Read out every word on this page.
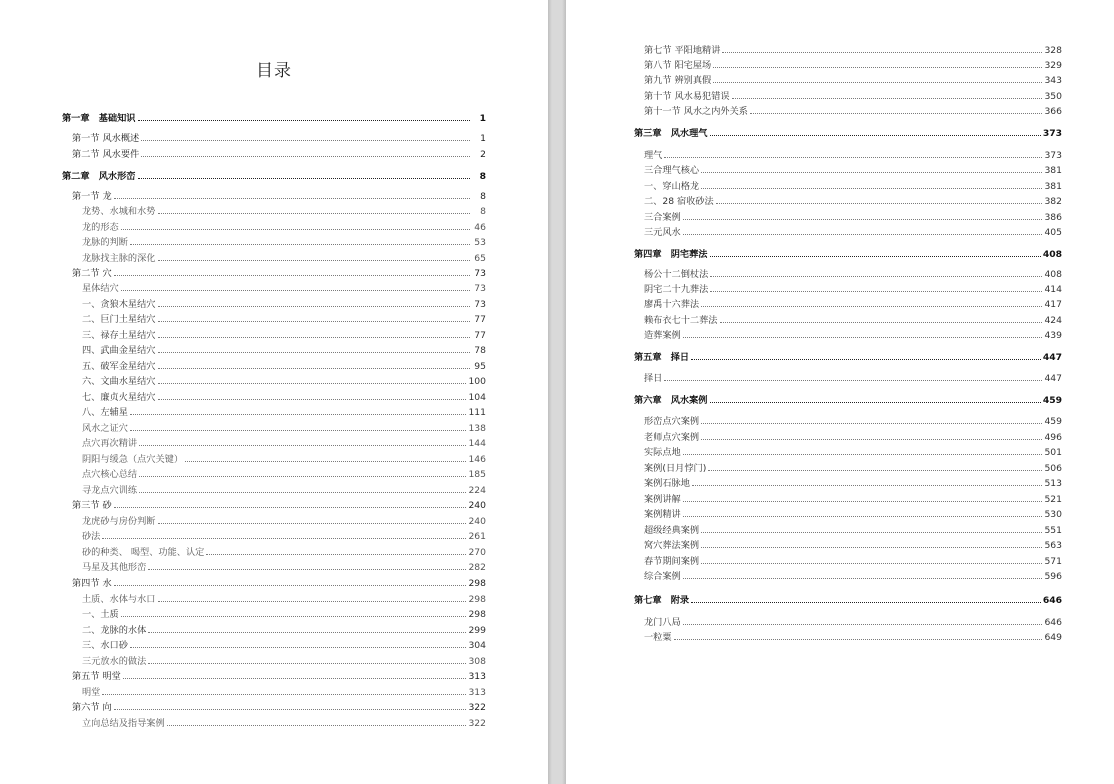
目录
第一章　基础知识	1
第一节 风水概述	1
第二节 风水要件	2
第二章　风水形峦	8
第一节 龙	8
龙势、水城和水势	8
龙的形态	46
龙脉的判断	53
龙脉找主脉的深化	65
第二节 穴	73
星体结穴	73
一、贪狼木星结穴	73
二、巨门土星结穴	77
三、禄存土星结穴	77
四、武曲金星结穴	78
五、破军金星结穴	95
六、文曲水星结穴	100
七、廉贞火星结穴	104
八、左辅星	111
风水之证穴	138
点穴再次精讲	144
阴阳与缓急（点穴关键）	146
点穴核心总结	185
寻龙点穴训练	224
第三节 砂	240
龙虎砂与房份判断	240
砂法	261
砂的种类、 喝型、功能、认定	270
马星及其他形峦	282
第四节 水	298
土质、水体与水口	298
一、土质	298
二、龙脉的水体	299
三、水口砂	304
三元放水的做法	308
第五节 明堂	313
明堂	313
第六节 向	322
立向总结及指导案例	322
第七节 平阳地精讲	328
第八节 阳宅屋场	329
第九节 辨别真假	343
第十节 风水易犯错误	350
第十一节 风水之内外关系	366
第三章　风水理气	373
理气	373
三合理气核心	381
一、穿山格龙	381
二、28 宿收砂法	382
三合案例	386
三元风水	405
第四章　阴宅葬法	408
杨公十二倒杖法	408
阴宅二十九葬法	414
廖禹十六葬法	417
赖布衣七十二葬法	424
造葬案例	439
第五章　择日	447
择日	447
第六章　风水案例	459
形峦点穴案例	459
老师点穴案例	496
实际点地	501
案例(日月悖门)	506
案例石脉地	513
案例讲解	521
案例精讲	530
超级经典案例	551
窝穴葬法案例	563
春节期间案例	571
综合案例	596
第七章　附录	646
龙门八局	646
一粒粟	649
